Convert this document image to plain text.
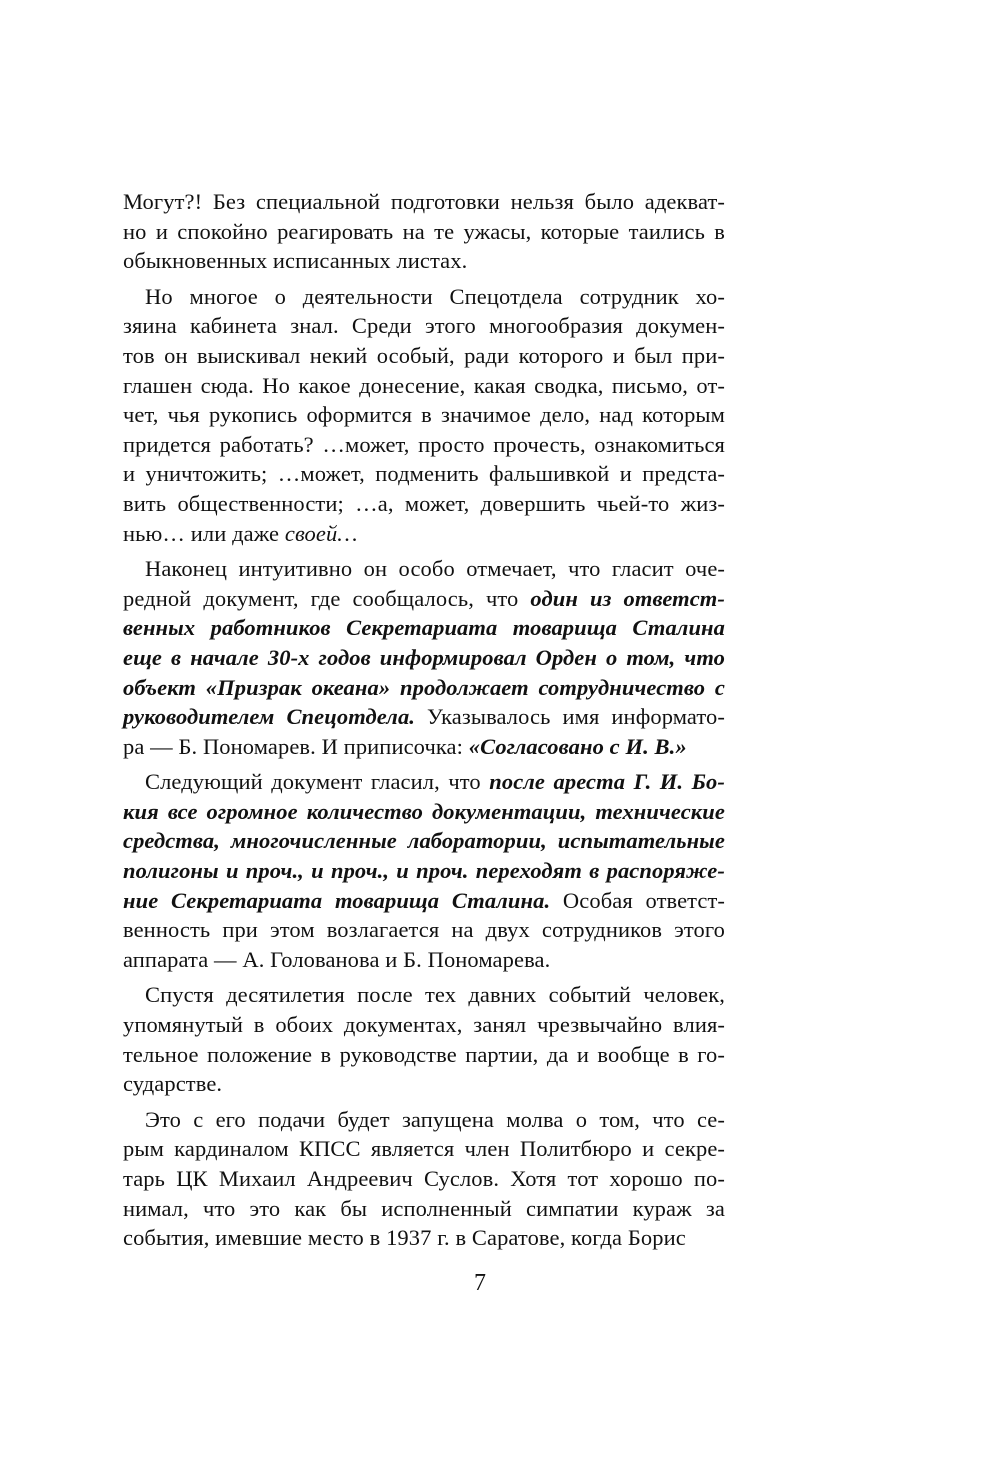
Могут?! Без специальной подготовки нельзя было адекват-
но и спокойно реагировать на те ужасы, которые таились в
обыкновенных исписанных листах.
Но многое о деятельности Спецотдела сотрудник хо-
зяина кабинета знал. Среди этого многообразия докумен-
тов он выискивал некий особый, ради которого и был при-
глашен сюда. Но какое донесение, какая сводка, письмо, от-
чет, чья рукопись оформится в значимое дело, над которым
придется работать? …может, просто прочесть, ознакомиться
и уничтожить; …может, подменить фальшивкой и предста-
вить общественности; …а, может, довершить чьей-то жиз-
нью… или даже своей…
Наконец интуитивно он особо отмечает, что гласит оче-
редной документ, где сообщалось, что один из ответст-
венных работников Секретариата товарища Сталина
еще в начале 30-х годов информировал Орден о том, что
объект «Призрак океана» продолжает сотрудничество с
руководителем Спецотдела. Указывалось имя информато-
ра — Б. Пономарев. И приписочка: «Согласовано с И. В.»
Следующий документ гласил, что после ареста Г. И. Бо-
кия все огромное количество документации, технические
средства, многочисленные лаборатории, испытательные
полигоны и проч., и проч., и проч. переходят в распоряже-
ние Секретариата товарища Сталина. Особая ответст-
венность при этом возлагается на двух сотрудников этого
аппарата — А. Голованова и Б. Пономарева.
Спустя десятилетия после тех давних событий человек,
упомянутый в обоих документах, занял чрезвычайно влия-
тельное положение в руководстве партии, да и вообще в го-
сударстве.
Это с его подачи будет запущена молва о том, что се-
рым кардиналом КПСС является член Политбюро и секре-
тарь ЦК Михаил Андреевич Суслов. Хотя тот хорошо по-
нимал, что это как бы исполненный симпатии кураж за
события, имевшие место в 1937 г. в Саратове, когда Борис
7
